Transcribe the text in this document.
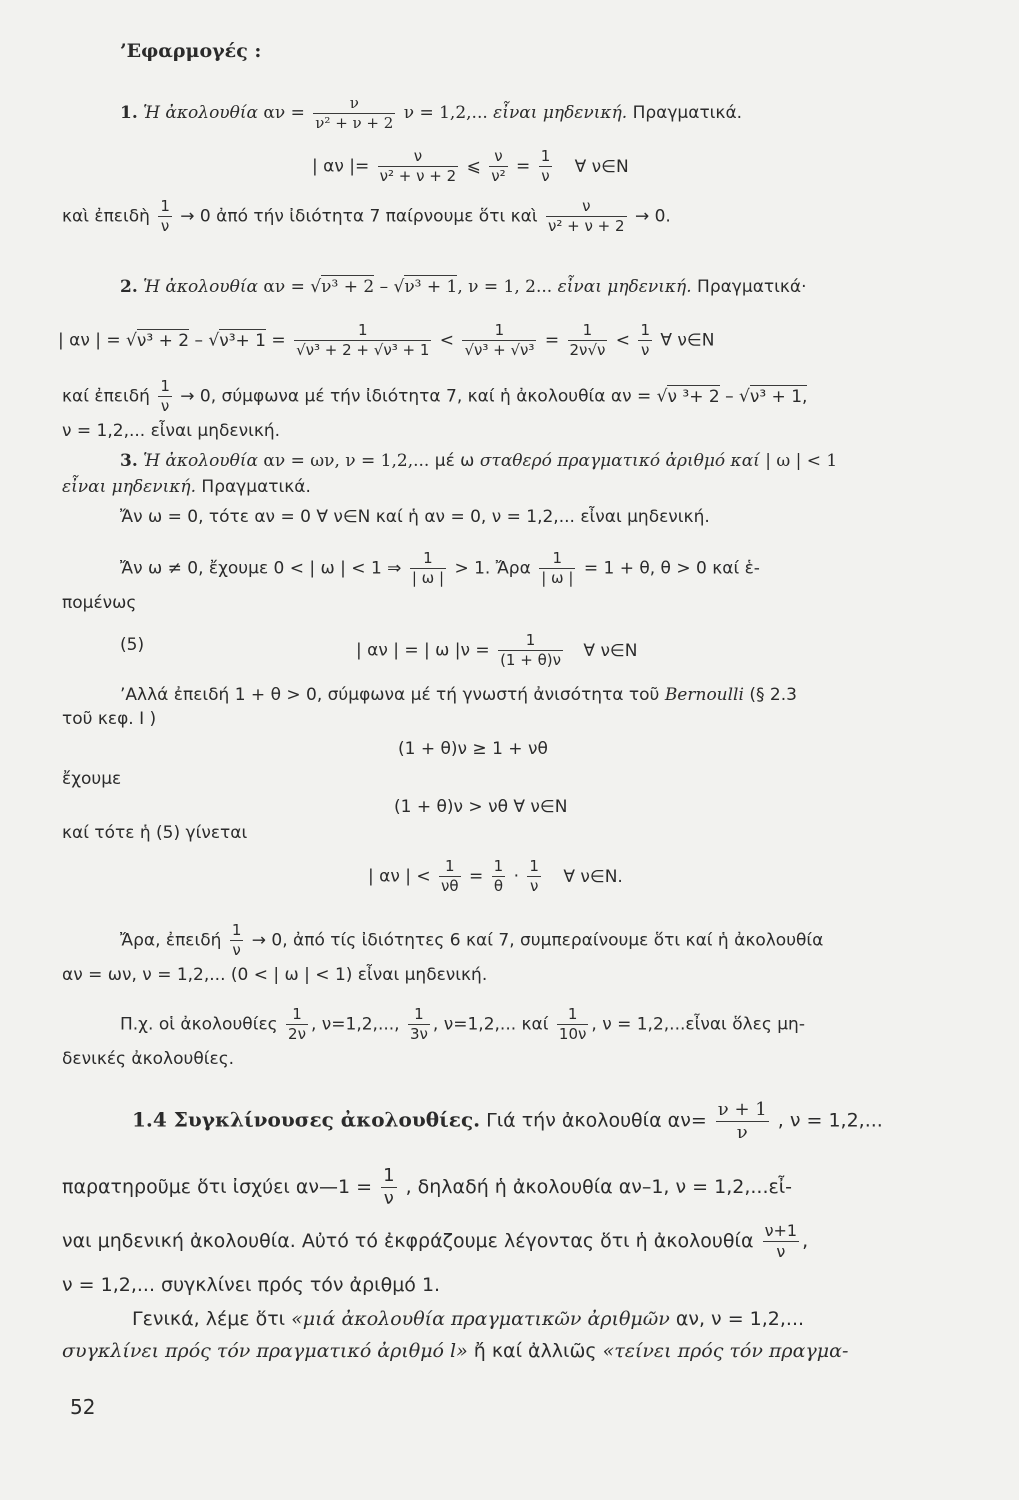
’Εφαρμογές :
1. Ἡ ἀκολουθία $\alpha\nu = \frac{\nu}{\text{ν² + ν + 2}}$ ν = 1,2,... εἶναι μηδενική. Πραγματικά.
| αν |= $\frac{\nu}{\text{ν² + ν + 2}}$ ⩽ $\frac{\nu}{\text{ν²}} = \frac{1}{\nu}$ ∀ ν∈N
καὶ ἐπειδὴ $\frac{1}{\nu} \to 0$ ἀπό τήν ἰδιότητα 7 παίρνουμε ὅτι καὶ $\frac{\nu}{\text{ν² + ν + 2}} \to 0$.
2. Ἡ ἀκολουθία αν = √ν³ + 2 – √ν³ + 1, ν = 1, 2... εἶναι μηδενική. Πραγματικά·
| αν | = $√\nu^3 + 2 - √\nu^3+ 1 = \frac{1}{\text{√ν³ + 2 + √ν³ + 1}} < \frac{1}{\text{√ν³ + √ν³}} = \frac{1}{2\nu√\nu} < \frac{1}{\nu}$ ∀ ν∈N
καί ἐπειδή $\frac{1}{\nu} \to 0$, σύμφωνα μέ τήν ἰδιότητα 7, καί ἡ ἀκολουθία αν = √ν ³+ 2 – √ν³ + 1,
ν = 1,2,... εἶναι μηδενική.
3. Ἡ ἀκολουθία αν = ων, ν = 1,2,... μέ ω σταθερό πραγματικό ἀριθμό καί | ω | < 1
εἶναι μηδενική. Πραγματικά.
Ἄν ω = 0, τότε αν = 0 ∀ ν∈N καί ἡ αν = 0, ν = 1,2,... εἶναι μηδενική.
Ἄν ω ≠ 0, ἔχουμε 0 < | ω | < 1 ⇒ $\frac{1}{| \omega |} > 1$. Ἄρα $\frac{1}{| \omega |} = 1 + \theta$, θ > 0 καί ἑ-
πομένως
(5)	| αν | = | ω $|\nu = \frac{1}{(1 + \theta)\nu}$ ∀ ν∈N
’Αλλά ἐπειδή 1 + θ > 0, σύμφωνα μέ τή γνωστή ἀνισότητα τοῦ Bernoulli (§ 2.3
τοῦ κεφ. I )
(1 + θ)ν ≥ 1 + νθ
ἔχουμε
(1 + θ)ν > νθ ∀ ν∈N
καί τότε ἡ (5) γίνεται
| αν | < $\frac{1}{\nu\theta} = \frac{1}{\theta} \cdot \frac{1}{\nu}$ ∀ ν∈N.
Ἄρα, ἐπειδή $\frac{1}{\nu} \to 0$, ἀπό τίς ἰδιότητες 6 καί 7, συμπεραίνουμε ὅτι καί ἡ ἀκολουθία
αν = ων, ν = 1,2,... (0 < | ω | < 1) εἶναι μηδενική.
Π.χ. οἱ ἀκολουθίες $\frac{1}{2\nu}$ , ν=1,2,..., $\frac{1}{3\nu}$ , ν=1,2,... καί $\frac{1}{10\nu}$ , ν = 1,2,...εἶναι ὅλες μη-
δενικές ἀκολουθίες.
1.4 Συγκλίνουσες ἀκολουθίες. Γιά τήν ἀκολουθία $\alpha\nu= \frac{\nu + 1}{\nu}$ , ν = 1,2,...
παρατηροῦμε ὅτι ἰσχύει αν—1 = $\frac{1}{\nu}$ , δηλαδή ἡ ἀκολουθία αν–1, ν = 1,2,...εἶ-
ναι μηδενική ἀκολουθία. Αὐτό τό ἐκφράζουμε λέγοντας ὅτι ἡ ἀκολουθία $\frac{\nu+1}{\nu}$ ,
ν = 1,2,... συγκλίνει πρός τόν ἀριθμό 1.
Γενικά, λέμε ὅτι «μιά ἀκολουθία πραγματικῶν ἀριθμῶν αν, ν = 1,2,...
συγκλίνει πρός τόν πραγματικό ἀριθμό l» ἤ καί ἀλλιῶς «τείνει πρός τόν πραγμα-
52
